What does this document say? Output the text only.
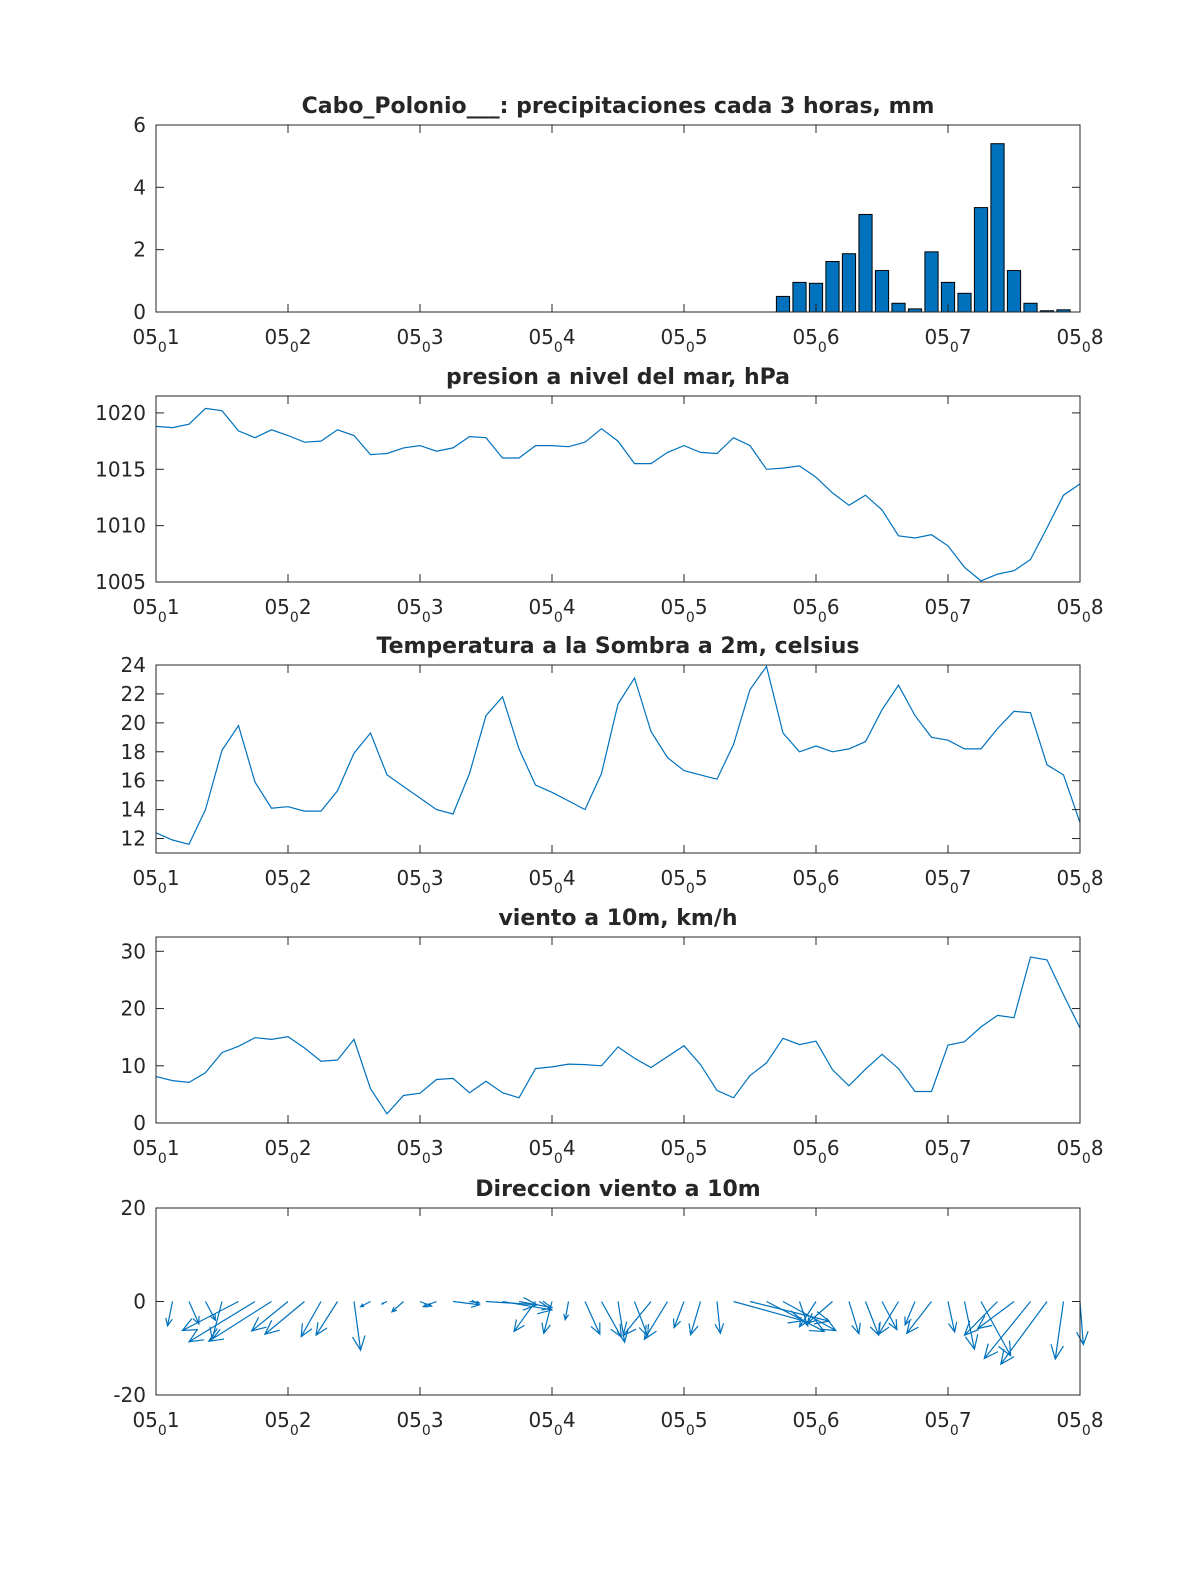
Cabo_Polonio___: precipitaciones cada 3 horas, mm
0
2
4
6
$05_01$	$05_02$	$05_03$	$05_04$	$05_05$	$05_06$	$05_07$	$05_08$
presion a nivel del mar, hPa
1005
1010
1015
1020
$05_01$	$05_02$	$05_03$	$05_04$	$05_05$	$05_06$	$05_07$	$05_08$
Temperatura a la Sombra a 2m, celsius
12
14
16
18
20
22
24
$05_01$	$05_02$	$05_03$	$05_04$	$05_05$	$05_06$	$05_07$	$05_08$
viento a 10m, km/h
0
10
20
30
$05_01$	$05_02$	$05_03$	$05_04$	$05_05$	$05_06$	$05_07$	$05_08$
Direccion viento a 10m
-20
0
20
$05_01$	$05_02$	$05_03$	$05_04$	$05_05$	$05_06$	$05_07$	$05_08$
